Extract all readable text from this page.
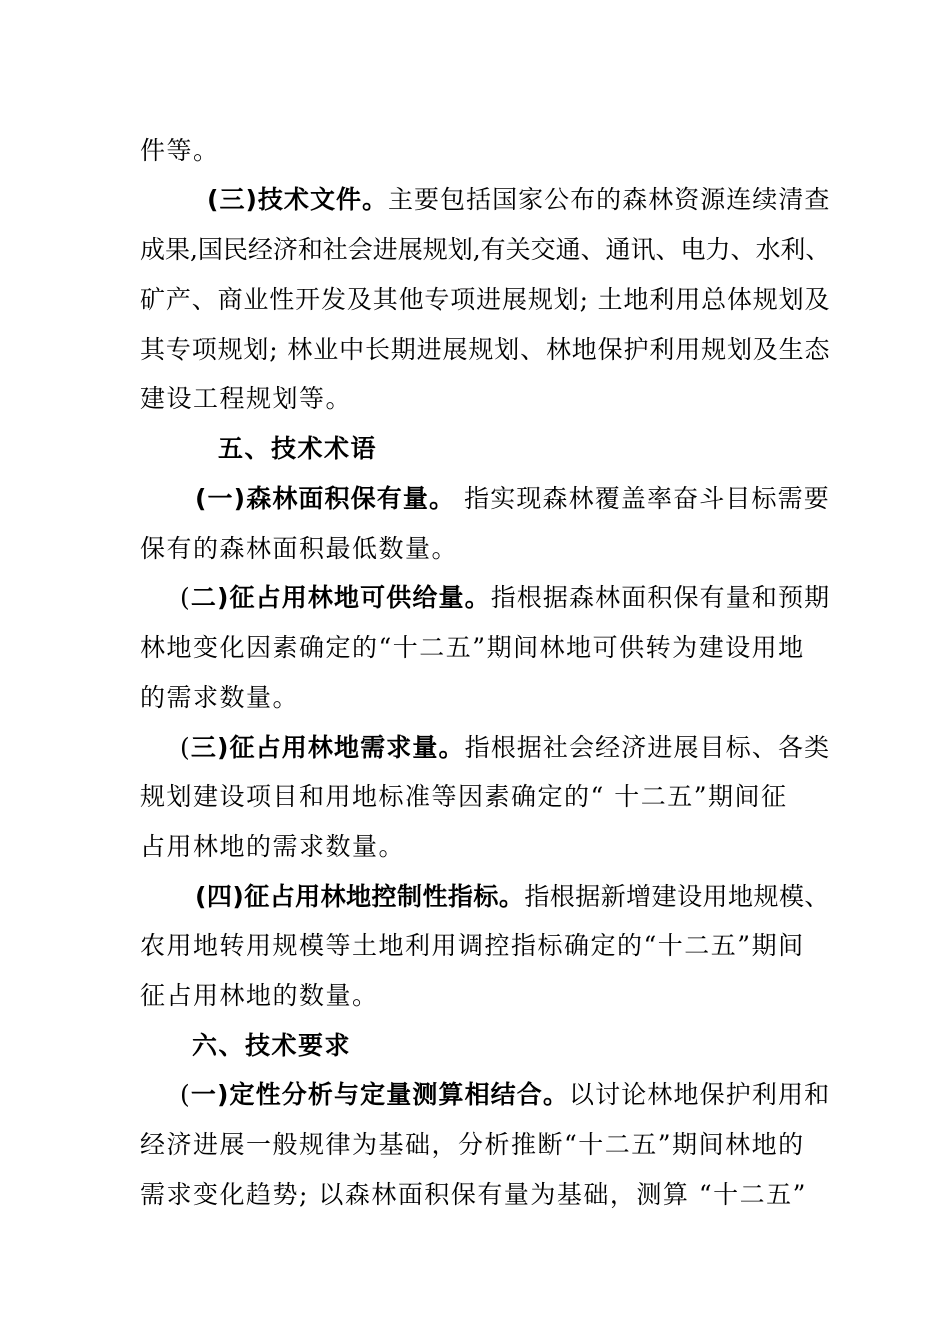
件等。
(三)技术文件。主要包括国家公布的森林资源连续清查
成果,国民经济和社会进展规划,有关交通、通讯、电力、水利、
矿产、商业性开发及其他专项进展规划; 土地利用总体规划及
其专项规划; 林业中长期进展规划、林地保护利用规划及生态
建设工程规划等。
五、技术术语
(一)森林面积保有量。 指实现森林覆盖率奋斗目标需要
保有的森林面积最低数量。
(二)征占用林地可供给量。指根据森林面积保有量和预期
林地变化因素确定的“十二五”期间林地可供转为建设用地
的需求数量。
(三)征占用林地需求量。指根据社会经济进展目标、各类
规划建设项目和用地标准等因素确定的“ 十二五”期间征
占用林地的需求数量。
(四)征占用林地控制性指标。指根据新增建设用地规模、
农用地转用规模等土地利用调控指标确定的“十二五”期间
征占用林地的数量。
六、技术要求
(一)定性分析与定量测算相结合。以讨论林地保护利用和
经济进展一般规律为基础，分析推断“十二五”期间林地的
需求变化趋势; 以森林面积保有量为基础，测算 “十二五”
